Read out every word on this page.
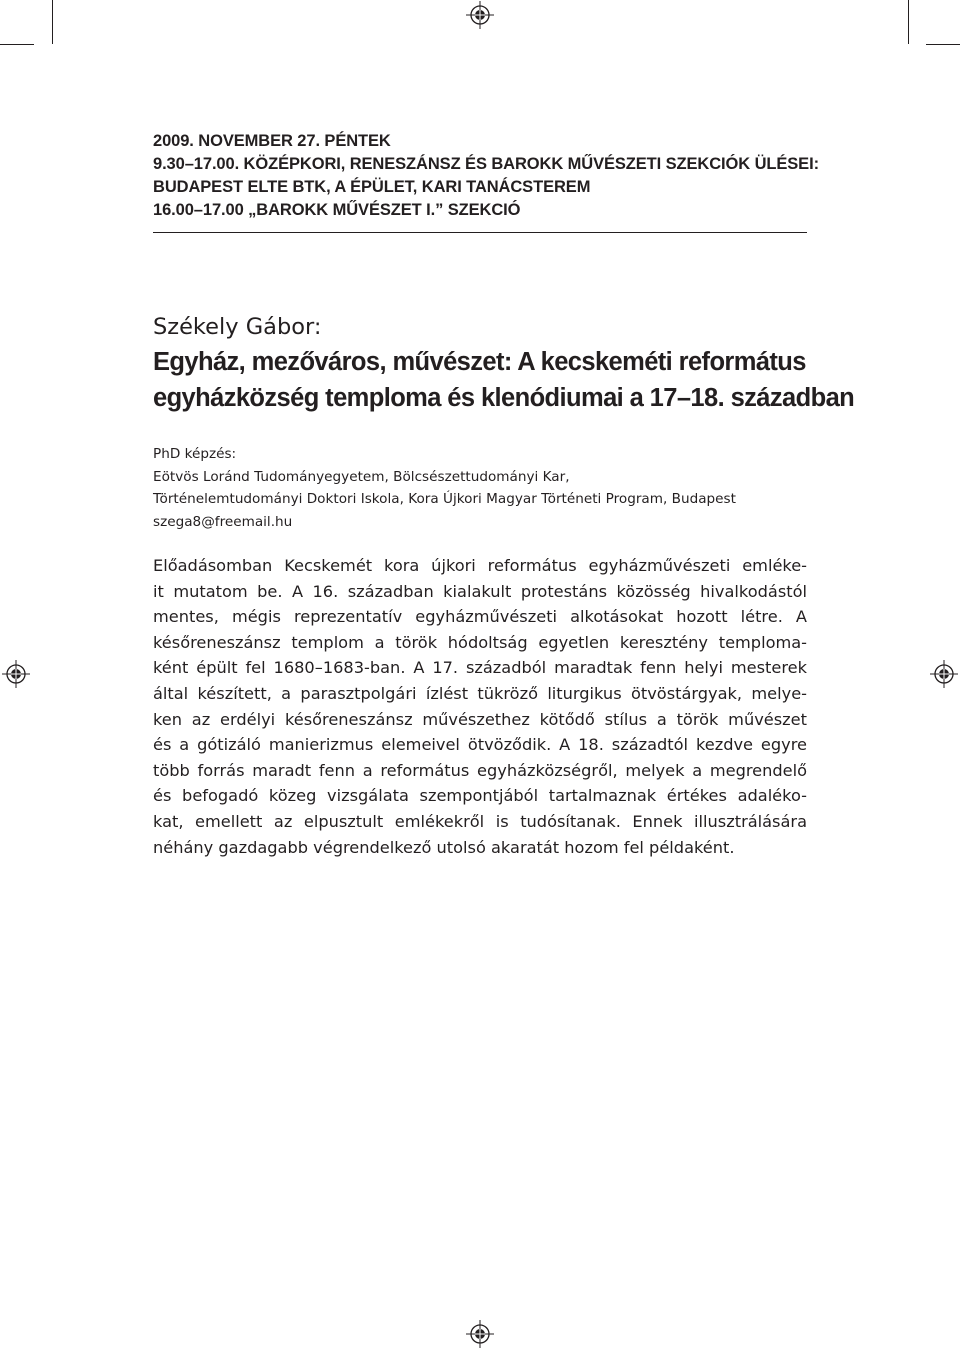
2009. NOVEMBER 27. PÉNTEK
9.30–17.00. KÖZÉPKORI, RENESZÁNSZ ÉS BAROKK MŰVÉSZETI SZEKCIÓK ÜLÉSEI:
BUDAPEST ELTE BTK, A ÉPÜLET, KARI TANÁCSTEREM
16.00–17.00 „BAROKK MŰVÉSZET I.” SZEKCIÓ
Székely Gábor:
Egyház, mezőváros, művészet: A kecskeméti református
egyházközség temploma és klenódiumai a 17–18. században
PhD képzés:
Eötvös Loránd Tudományegyetem, Bölcsészettudományi Kar,
Történelemtudományi Doktori Iskola, Kora Újkori Magyar Történeti Program, Budapest
szega8@freemail.hu
Előadásomban Kecskemét kora újkori református egyházművészeti emléke-
it mutatom be. A 16. században kialakult protestáns közösség hivalkodástól
mentes, mégis reprezentatív egyházművészeti alkotásokat hozott létre. A
későreneszánsz templom a török hódoltság egyetlen keresztény temploma-
ként épült fel 1680–1683-ban. A 17. századból maradtak fenn helyi mesterek
által készített, a parasztpolgári ízlést tükröző liturgikus ötvöstárgyak, melye-
ken az erdélyi későreneszánsz művészethez kötődő stílus a török művészet
és a gótizáló manierizmus elemeivel ötvöződik. A 18. századtól kezdve egyre
több forrás maradt fenn a református egyházközségről, melyek a megrendelő
és befogadó közeg vizsgálata szempontjából tartalmaznak értékes adaléko-
kat, emellett az elpusztult emlékekről is tudósítanak. Ennek illusztrálására
néhány gazdagabb végrendelkező utolsó akaratát hozom fel példaként.
